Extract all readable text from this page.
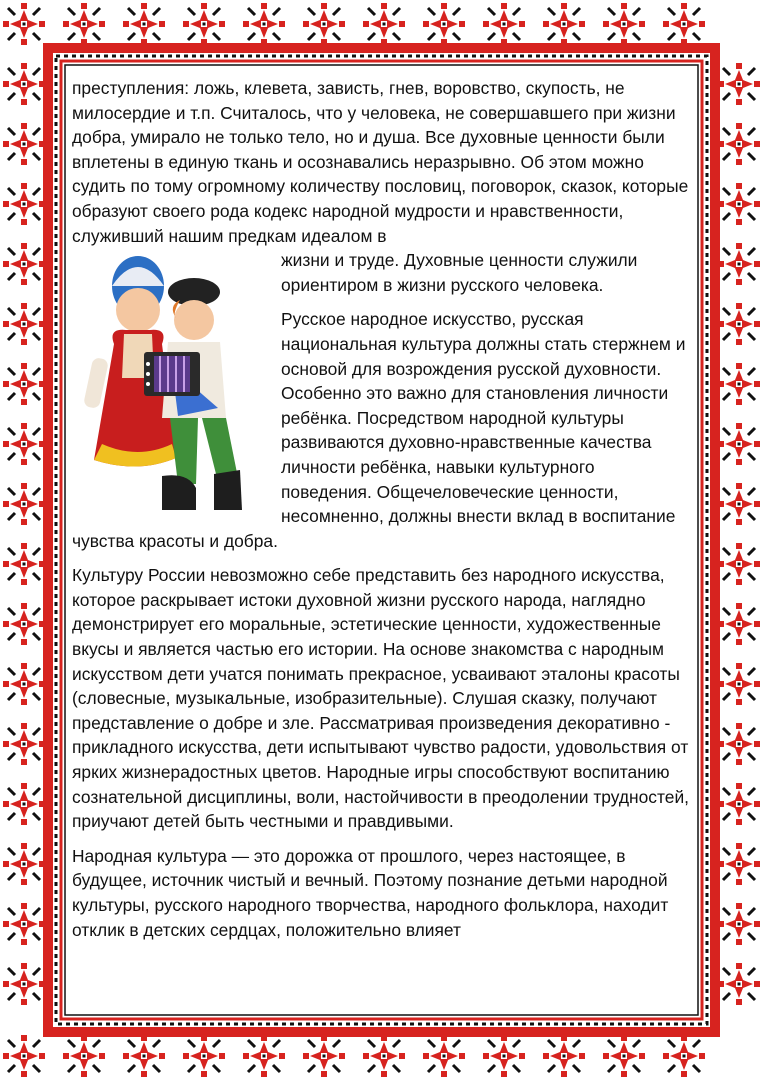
преступления: ложь, клевета, зависть, гнев, воровство, скупость, не милосердие и т.п. Считалось, что у человека, не совершавшего при жизни добра, умирало не только тело, но и душа. Все духовные ценности были вплетены в единую ткань и осознавались неразрывно. Об этом можно судить по тому огромному количеству пословиц, поговорок, сказок, которые образуют своего рода кодекс народной мудрости и нравственности, служивший нашим предкам идеалом в

жизни и труде. Духовные ценности служили ориентиром в жизни русского человека.

Русское народное искусство, русская национальная культура должны стать стержнем и основой для возрождения русской духовности. Особенно это важно для становления личности ребёнка. Посредством народной культуры развиваются духовно-нравственные качества личности ребёнка, навыки культурного поведения. Общечеловеческие ценности, несомненно, должны внести вклад в воспитание чувства красоты и добра.

Культуру России невозможно себе представить без народного искусства, которое раскрывает истоки духовной жизни русского народа, наглядно демонстрирует его моральные, эстетические ценности, художественные вкусы и является частью его истории. На основе знакомства с народным искусством дети учатся понимать прекрасное, усваивают эталоны красоты (словесные, музыкальные, изобразительные). Слушая сказку, получают представление о добре и зле. Рассматривая произведения декоративно - прикладного искусства, дети испытывают чувство радости, удовольствия от ярких жизнерадостных цветов. Народные игры способствуют воспитанию сознательной дисциплины, воли, настойчивости в преодолении трудностей, приучают детей быть честными и правдивыми.

Народная культура — это дорожка от прошлого, через настоящее, в будущее, источник чистый и вечный. Поэтому познание детьми народной культуры, русского народного творчества, народного фольклора, находит отклик в детских сердцах, положительно влияет
